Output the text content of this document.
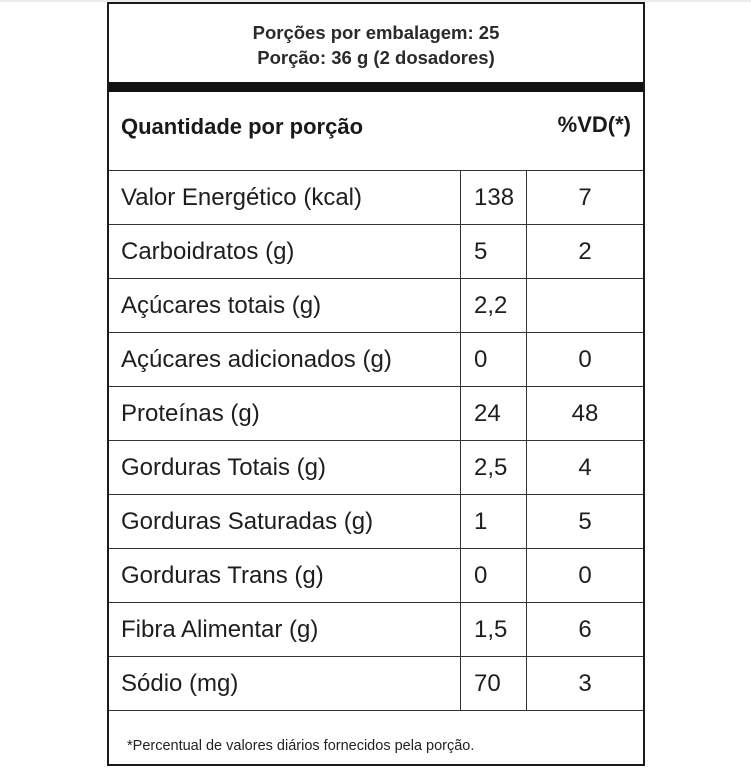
Porções por embalagem: 25
Porção: 36 g (2 dosadores)
Quantidade por porção	%VD(*)
Valor Energético (kcal)	138	7
Carboidratos (g)	5	2
Açúcares totais (g)	2,2
Açúcares adicionados (g)	0	0
Proteínas (g)	24	48
Gorduras Totais (g)	2,5	4
Gorduras Saturadas (g)	1	5
Gorduras Trans (g)	0	0
Fibra Alimentar (g)	1,5	6
Sódio (mg)	70	3
*Percentual de valores diários fornecidos pela porção.
